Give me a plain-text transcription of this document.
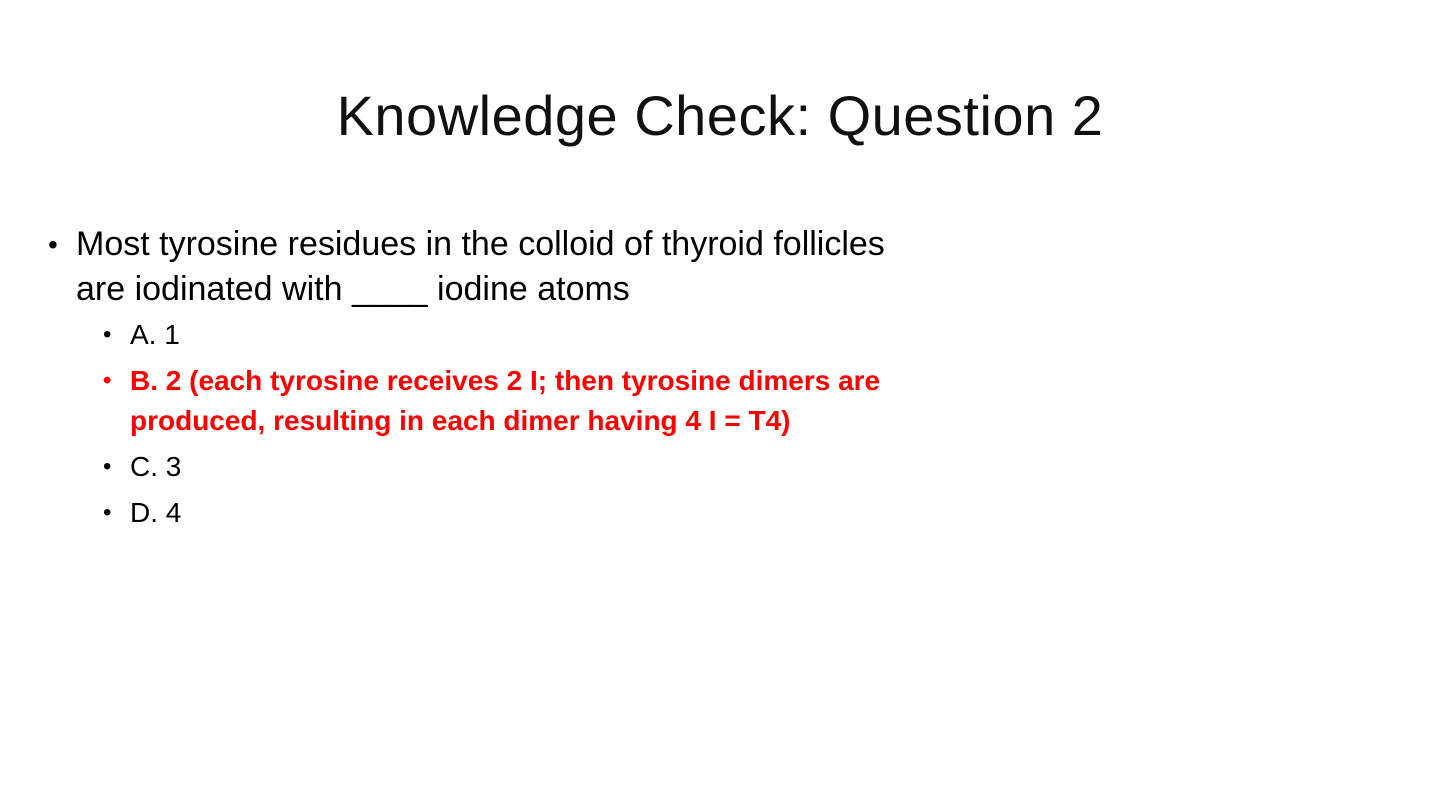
Knowledge Check: Question 2
• Most tyrosine residues in the colloid of thyroid follicles are iodinated with ____ iodine atoms
• A. 1
• B. 2 (each tyrosine receives 2 I; then tyrosine dimers are produced, resulting in each dimer having 4 I = T4)
• C. 3
• D. 4
